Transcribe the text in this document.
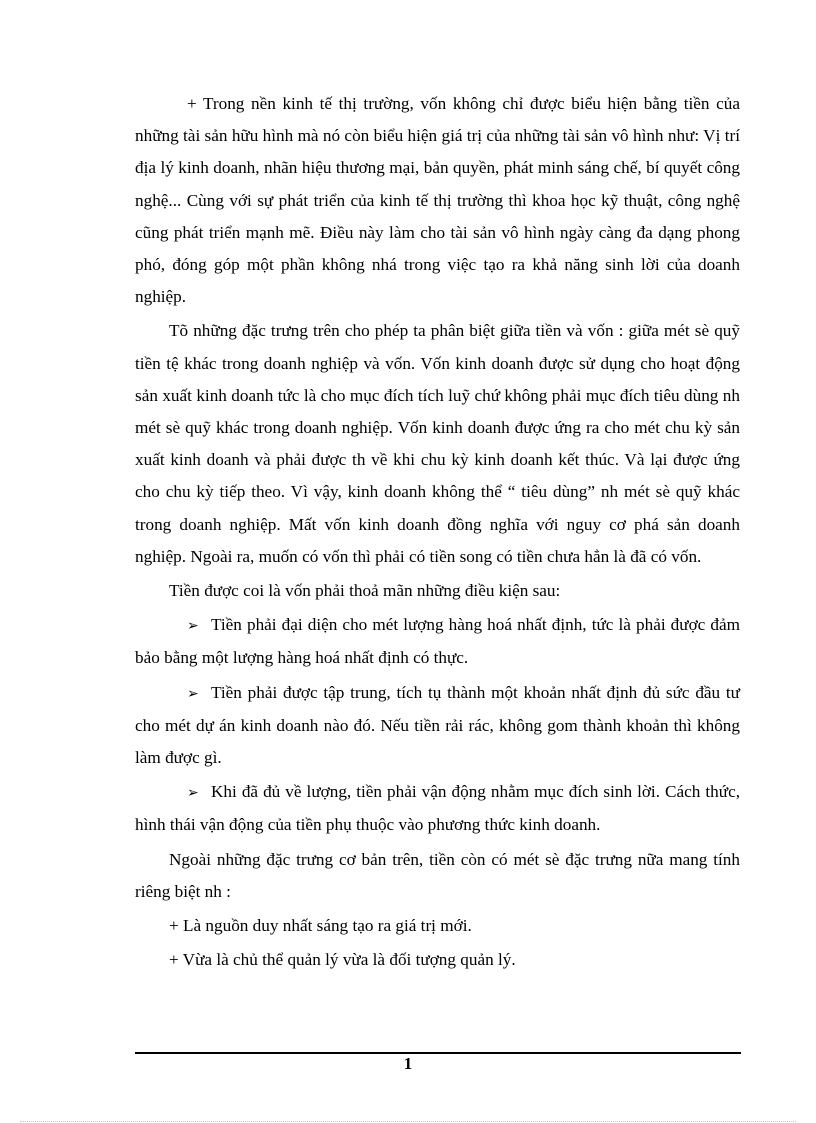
+ Trong nền kinh tế thị trường, vốn không chỉ được biểu hiện bằng tiền của những tài sản hữu hình mà nó còn biểu hiện giá trị của những tài sản vô hình như: Vị trí địa lý kinh doanh, nhãn hiệu thương mại, bản quyền, phát minh sáng chế, bí quyết công nghệ... Cùng với sự phát triển của kinh tế thị trường thì khoa học kỹ thuật, công nghệ cũng phát triển mạnh mẽ. Điều này làm cho tài sản vô hình ngày càng đa dạng phong phó, đóng góp một phần không nhá trong việc tạo ra khả năng sinh lời của doanh nghiệp.

Tõ những đặc trưng trên cho phép ta phân biệt giữa tiền và vốn : giữa mét sè quỹ tiền tệ khác trong doanh nghiệp và vốn. Vốn kinh doanh được sử dụng cho hoạt động sản xuất kinh doanh tức là cho mục đích tích luỹ chứ không phải mục đích tiêu dùng nh mét sè quỹ khác trong doanh nghiệp. Vốn kinh doanh được ứng ra cho mét chu kỳ sản xuất kinh doanh và phải được th về khi chu kỳ kinh doanh kết thúc. Và lại được ứng cho chu kỳ tiếp theo. Vì vậy, kinh doanh không thể “ tiêu dùng” nh mét sè quỹ khác trong doanh nghiệp. Mất vốn kinh doanh đồng nghĩa với nguy cơ phá sản doanh nghiệp. Ngoài ra, muốn có vốn thì phải có tiền song có tiền chưa hẳn là đã có vốn.

Tiền được coi là vốn phải thoả mãn những điều kiện sau:

➢ Tiền phải đại diện cho mét lượng hàng hoá nhất định, tức là phải được đảm bảo bằng một lượng hàng hoá nhất định có thực.

➢ Tiền phải được tập trung, tích tụ thành một khoản nhất định đủ sức đầu tư cho mét dự án kinh doanh nào đó. Nếu tiền rải rác, không gom thành khoản thì không làm được gì.

➢ Khi đã đủ về lượng, tiền phải vận động nhằm mục đích sinh lời. Cách thức, hình thái vận động của tiền phụ thuộc vào phương thức kinh doanh.

Ngoài những đặc trưng cơ bản trên, tiền còn có mét sè đặc trưng nữa mang tính riêng biệt nh :

+ Là nguồn duy nhất sáng tạo ra giá trị mới.

+ Vừa là chủ thể quản lý vừa là đối tượng quản lý.

1
